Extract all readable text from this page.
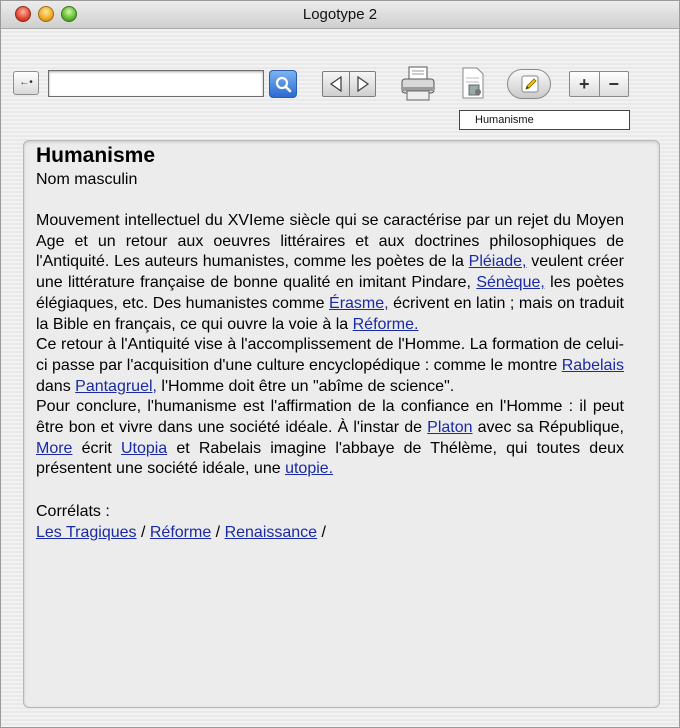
Logotype 2
←•	+	−
Humanisme
Humanisme
Nom masculin

Mouvement intellectuel du XVIeme siècle qui se caractérise par un rejet du Moyen Age et un retour aux oeuvres littéraires et aux doctrines philosophiques de l'Antiquité. Les auteurs humanistes, comme les poètes de la Pléiade, veulent créer une littérature française de bonne qualité en imitant Pindare, Sénèque, les poètes élégiaques, etc. Des humanistes comme Érasme, écrivent en latin ; mais on traduit la Bible en français, ce qui ouvre la voie à la Réforme.

Ce retour à l'Antiquité vise à l'accomplissement de l'Homme. La formation de celui-ci passe par l'acquisition d'une culture encyclopédique : comme le montre Rabelais dans Pantagruel, l'Homme doit être un "abîme de science".

Pour conclure, l'humanisme est l'affirmation de la confiance en l'Homme : il peut être bon et vivre dans une société idéale. À l'instar de Platon avec sa République, More écrit Utopia et Rabelais imagine l'abbaye de Thélème, qui toutes deux présentent une société idéale, une utopie.

Corrélats :
Les Tragiques / Réforme / Renaissance /
